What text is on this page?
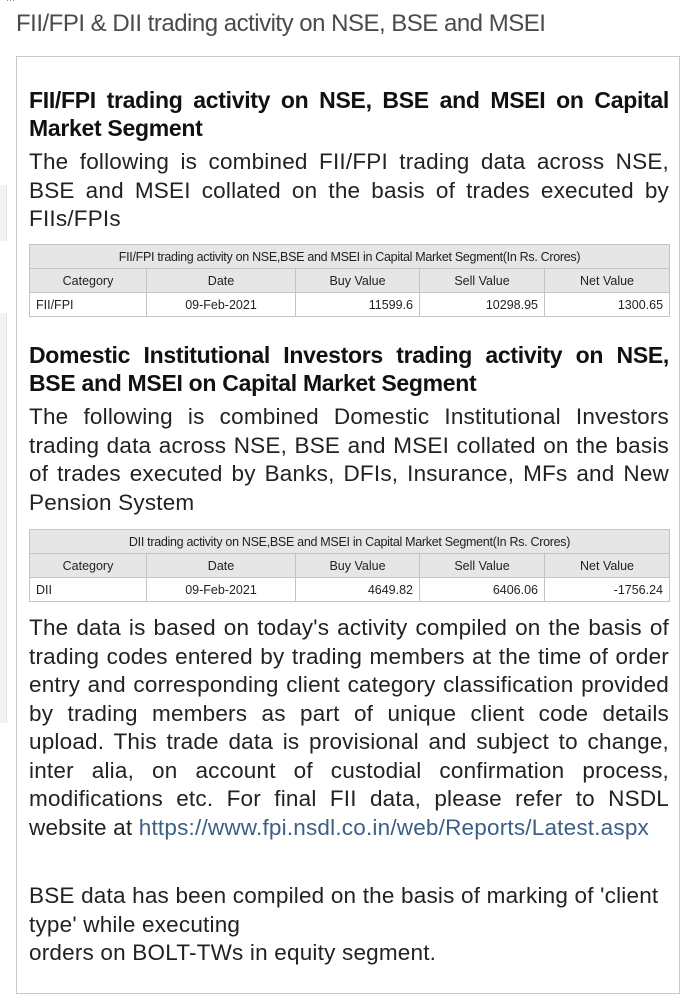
FII/FPI & DII trading activity on NSE, BSE and MSEI
FII/FPI trading activity on NSE, BSE and MSEI on Capital Market Segment

The following is combined FII/FPI trading data across NSE, BSE and MSEI collated on the basis of trades executed by FIIs/FPIs

FII/FPI trading activity on NSE,BSE and MSEI in Capital Market Segment(In Rs. Crores)				
Category	Date	Buy Value	Sell Value	Net Value
FII/FPI	09-Feb-2021	11599.6	10298.95	1300.65
Domestic Institutional Investors trading activity on NSE, BSE and MSEI on Capital Market Segment

The following is combined Domestic Institutional Investors trading data across NSE, BSE and MSEI collated on the basis of trades executed by Banks, DFIs, Insurance, MFs and New Pension System

DII trading activity on NSE,BSE and MSEI in Capital Market Segment(In Rs. Crores)				
Category	Date	Buy Value	Sell Value	Net Value
DII	09-Feb-2021	4649.82	6406.06	-1756.24

The data is based on today's activity compiled on the basis of trading codes entered by trading members at the time of order entry and corresponding client category classification provided by trading members as part of unique client code details upload. This trade data is provisional and subject to change, inter alia, on account of custodial confirmation process, modifications etc. For final FII data, please refer to NSDL website at https://www.fpi.nsdl.co.in/web/Reports/Latest.aspx

BSE data has been compiled on the basis of marking of 'client type' while executing
orders on BOLT-TWs in equity segment.
